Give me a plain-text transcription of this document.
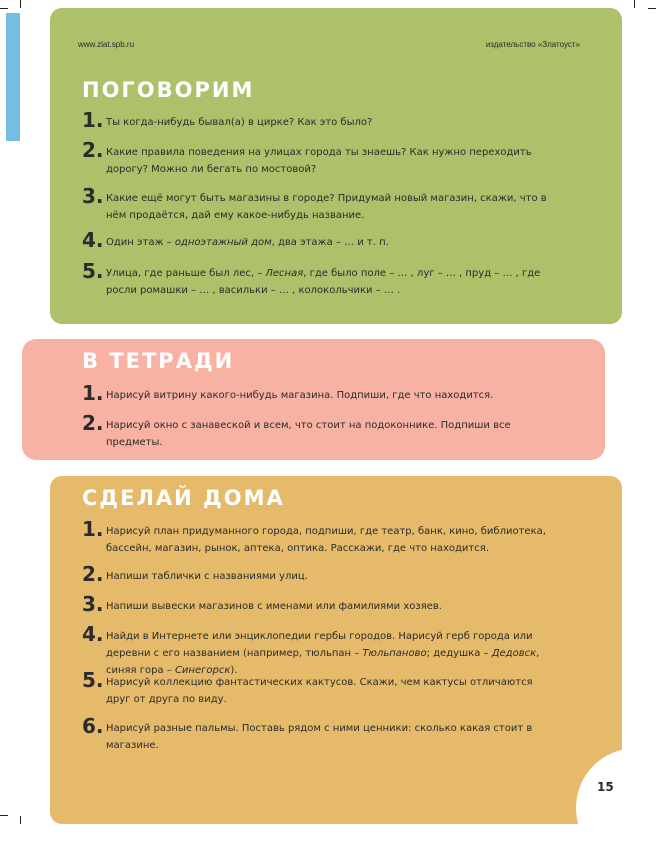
www.zlat.spb.ru	издательство «Златоуст»
ПОГОВОРИМ
1. Ты когда-нибудь бывал(а) в цирке? Как это было?
2. Какие правила поведения на улицах города ты знаешь? Как нужно переходить дорогу? Можно ли бегать по мостовой?
3. Какие ещё могут быть магазины в городе? Придумай новый магазин, скажи, что в нём продаётся, дай ему какое-нибудь название.
4. Один этаж – одноэтажный дом, два этажа – … и т. п.
5. Улица, где раньше был лес, – Лесная, где было поле – … , луг – … , пруд – … , где росли ромашки – … , васильки – … , колокольчики – … .
В ТЕТРАДИ
1. Нарисуй витрину какого-нибудь магазина. Подпиши, где что находится.
2. Нарисуй окно с занавеской и всем, что стоит на подоконнике. Подпиши все предметы.
СДЕЛАЙ ДОМА
1. Нарисуй план придуманного города, подпиши, где театр, банк, кино, библиотека, бассейн, магазин, рынок, аптека, оптика. Расскажи, где что находится.
2. Напиши таблички с названиями улиц.
3. Напиши вывески магазинов с именами или фамилиями хозяев.
4. Найди в Интернете или энциклопедии гербы городов. Нарисуй герб города или деревни с его названием (например, тюльпан – Тюльпаново; дедушка – Дедовск, синяя гора – Синегорск).
5. Нарисуй коллекцию фантастических кактусов. Скажи, чем кактусы отличаются друг от друга по виду.
6. Нарисуй разные пальмы. Поставь рядом с ними ценники: сколько какая стоит в магазине.
15
